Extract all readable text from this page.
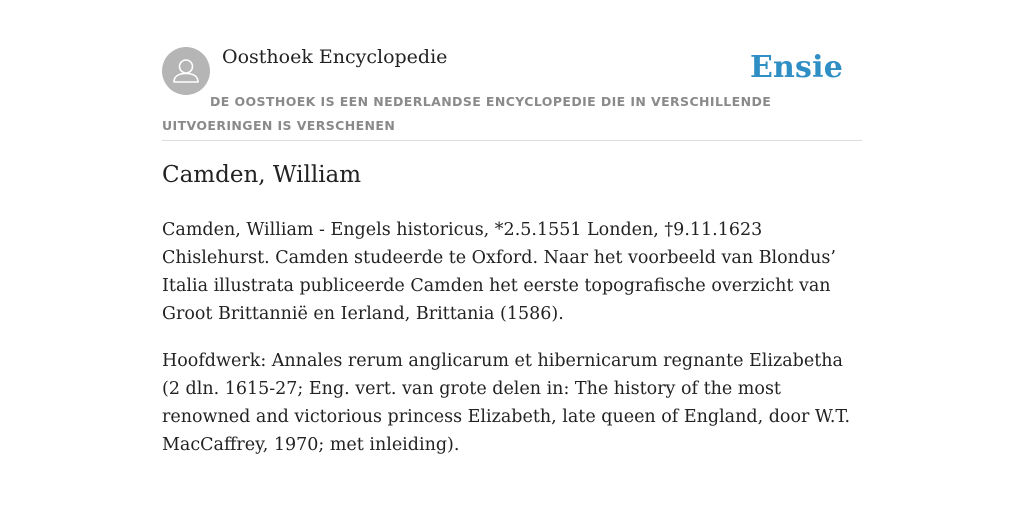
Oosthoek Encyclopedie	Ensie
DE OOSTHOEK IS EEN NEDERLANDSE ENCYCLOPEDIE DIE IN VERSCHILLENDE UITVOERINGEN IS VERSCHENEN
Camden, William

Camden, William - Engels historicus, *2.5.1551 Londen, †9.11.1623 Chislehurst. Camden studeerde te Oxford. Naar het voorbeeld van Blondus’ Italia illustrata publiceerde Camden het eerste topografische overzicht van Groot Brittannië en Ierland, Brittania (1586).

Hoofdwerk: Annales rerum anglicarum et hibernicarum regnante Elizabetha (2 dln. 1615-27; Eng. vert. van grote delen in: The history of the most renowned and victorious princess Elizabeth, late queen of England, door W.T. MacCaffrey, 1970; met inleiding).
